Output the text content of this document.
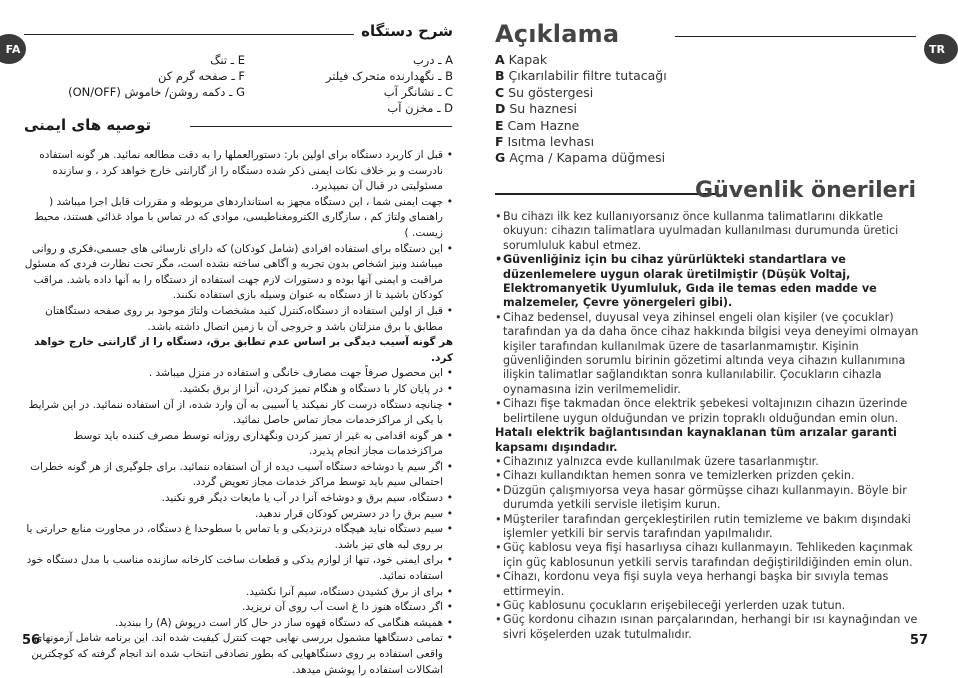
FA
شرح دستگاه
A ـ درب
B ـ نگهدارنده متحرک فیلتر
C ـ نشانگر آب
D ـ مخزن آب
E ـ تنگ
F ـ صفحه گرم کن
G ـ دکمه روشن/ خاموش (ON/OFF)
توصیه های ایمنی
• قبل از کاربرد دستگاه برای اولین بار: دستورالعملها را به دقت مطالعه نمائید. هر گونه استفاده نادرست و بر خلاف نکات ایمنی ذکر شده دستگاه را از گارانتی خارج خواهد کرد ، و سازنده مسئولیتی در قبال آن نمیپذیرد.
• جهت ایمنی شما ، این دستگاه مجهز به استانداردهای مربوطه و مقررات قابل اجرا میباشد ( راهنمای ولتاژ کم ، سازگاری الکترومغناطیسی، موادی که در تماس با مواد غذائی هستند، محیط زیست. )
• این دستگاه برای استفاده افرادی (شامل کودکان) که دارای نارسائی های جسمی،فکری و روانی میباشند ونیز اشخاص بدون تجربه و آگاهی ساخته نشده است، مگر تحت نظارت فردی که مسئول مراقبت و ایمنی آنها بوده و دستورات لازم جهت استفاده از دستگاه را به آنها داده باشد. مراقب کودکان باشید تا از دستگاه به عنوان وسیله بازی استفاده نکنند.
• قبل از اولین استفاده از دستگاه،کنترل کنید مشخصات ولتاژ موجود بر روی صفحه دستگاهتان مطابق با برق منزلتان باشد و خروجی آن با زمین اتصال داشته باشد.
هر گونه آسیب دیدگی بر اساس عدم تطابق برق، دستگاه را از گارانتی خارج خواهد کرد.
• این محصول صرفاً جهت مصارف خانگی و استفاده در منزل میباشد .
• در پایان کار با دستگاه و هنگام تمیز کردن، آنرا از برق بکشید.
• چنانچه دستگاه درست کار نمیکند یا آسیبی به آن وارد شده، از آن استفاده ننمائید. در این شرایط با یکی از مراکزخدمات مجاز تماس حاصل نمائید.
• هر گونه اقدامی به غیر از تمیز کردن ونگهداری روزانه توسط مصرف کننده باید توسط مراکزخدمات مجاز انجام پذیرد.
• اگر سیم یا دوشاخه دستگاه آسیب دیده از آن استفاده ننمائید. برای جلوگیری از هر گونه خطرات احتمالی سیم باید توسط مراکز خدمات مجاز تعویض گردد.
• دستگاه، سیم برق و دوشاخه آنرا در آب یا مایعات دیگر فرو نکنید.
• سیم برق را در دسترس کودکان قرار ندهید.
• سیم دستگاه نباید هیچگاه درنزدیکی و یا تماس با سطوحدا غ دستگاه، در مجاورت منابع حرارتی یا بر روی لبه های تیز باشد.
• برای ایمنی خود، تنها از لوازم یدکی و قطعات ساخت کارخانه سازنده مناسب با مدل دستگاه خود استفاده نمائید.
• برای از برق کشیدن دستگاه، سیم آنرا نکشید.
• اگر دستگاه هنوز دا غ است آب روی آن نریزید.
• همیشه هنگامی که دستگاه قهوه ساز در حال کار است درپوش (A) را ببندید.
• تمامی دستگاهها مشمول بررسی نهایی جهت کنترل کیفیت شده اند. این برنامه شامل آزمونهای واقعی استفاده بر روی دستگاههایی که بطور تصادفی انتخاب شده اند انجام گرفته که کوچکترین اشکالات استفاده را پوشش میدهد.
56
TR
Açıklama
A Kapak
B Çıkarılabilir filtre tutacağı
C Su göstergesi
D Su haznesi
E Cam Hazne
F Isıtma levhası
G Açma / Kapama düğmesi
Güvenlik önerileri
• Bu cihazı ilk kez kullanıyorsanız önce kullanma talimatlarını dikkatle okuyun: cihazın talimatlara uyulmadan kullanılması durumunda üretici sorumluluk kabul etmez.
• Güvenliğiniz için bu cihaz yürürlükteki standartlara ve düzenlemelere uygun olarak üretilmiştir (Düşük Voltaj, Elektromanyetik Uyumluluk, Gıda ile temas eden madde ve malzemeler, Çevre yönergeleri gibi).
• Cihaz bedensel, duyusal veya zihinsel engeli olan kişiler (ve çocuklar) tarafından ya da daha önce cihaz hakkında bilgisi veya deneyimi olmayan kişiler tarafından kullanılmak üzere de tasarlanmamıştır. Kişinin güvenliğinden sorumlu birinin gözetimi altında veya cihazın kullanımına ilişkin talimatlar sağlandıktan sonra kullanılabilir. Çocukların cihazla oynamasına izin verilmemelidir.
• Cihazı fişe takmadan önce elektrik şebekesi voltajınızın cihazın üzerinde belirtilene uygun olduğundan ve prizin topraklı olduğundan emin olun.
Hatalı elektrik bağlantısından kaynaklanan tüm arızalar garanti kapsamı dışındadır.
• Cihazınız yalnızca evde kullanılmak üzere tasarlanmıştır.
• Cihazı kullandıktan hemen sonra ve temizlerken prizden çekin.
• Düzgün çalışmıyorsa veya hasar görmüşse cihazı kullanmayın. Böyle bir durumda yetkili servisle iletişim kurun.
• Müşteriler tarafından gerçekleştirilen rutin temizleme ve bakım dışındaki işlemler yetkili bir servis tarafından yapılmalıdır.
• Güç kablosu veya fişi hasarlıysa cihazı kullanmayın. Tehlikeden kaçınmak için güç kablosunun yetkili servis tarafından değiştirildiğinden emin olun.
• Cihazı, kordonu veya fişi suyla veya herhangi başka bir sıvıyla temas ettirmeyin.
• Güç kablosunu çocukların erişebileceği yerlerden uzak tutun.
• Güç kordonu cihazın ısınan parçalarından, herhangi bir ısı kaynağından ve sivri köşelerden uzak tutulmalıdır.	57
